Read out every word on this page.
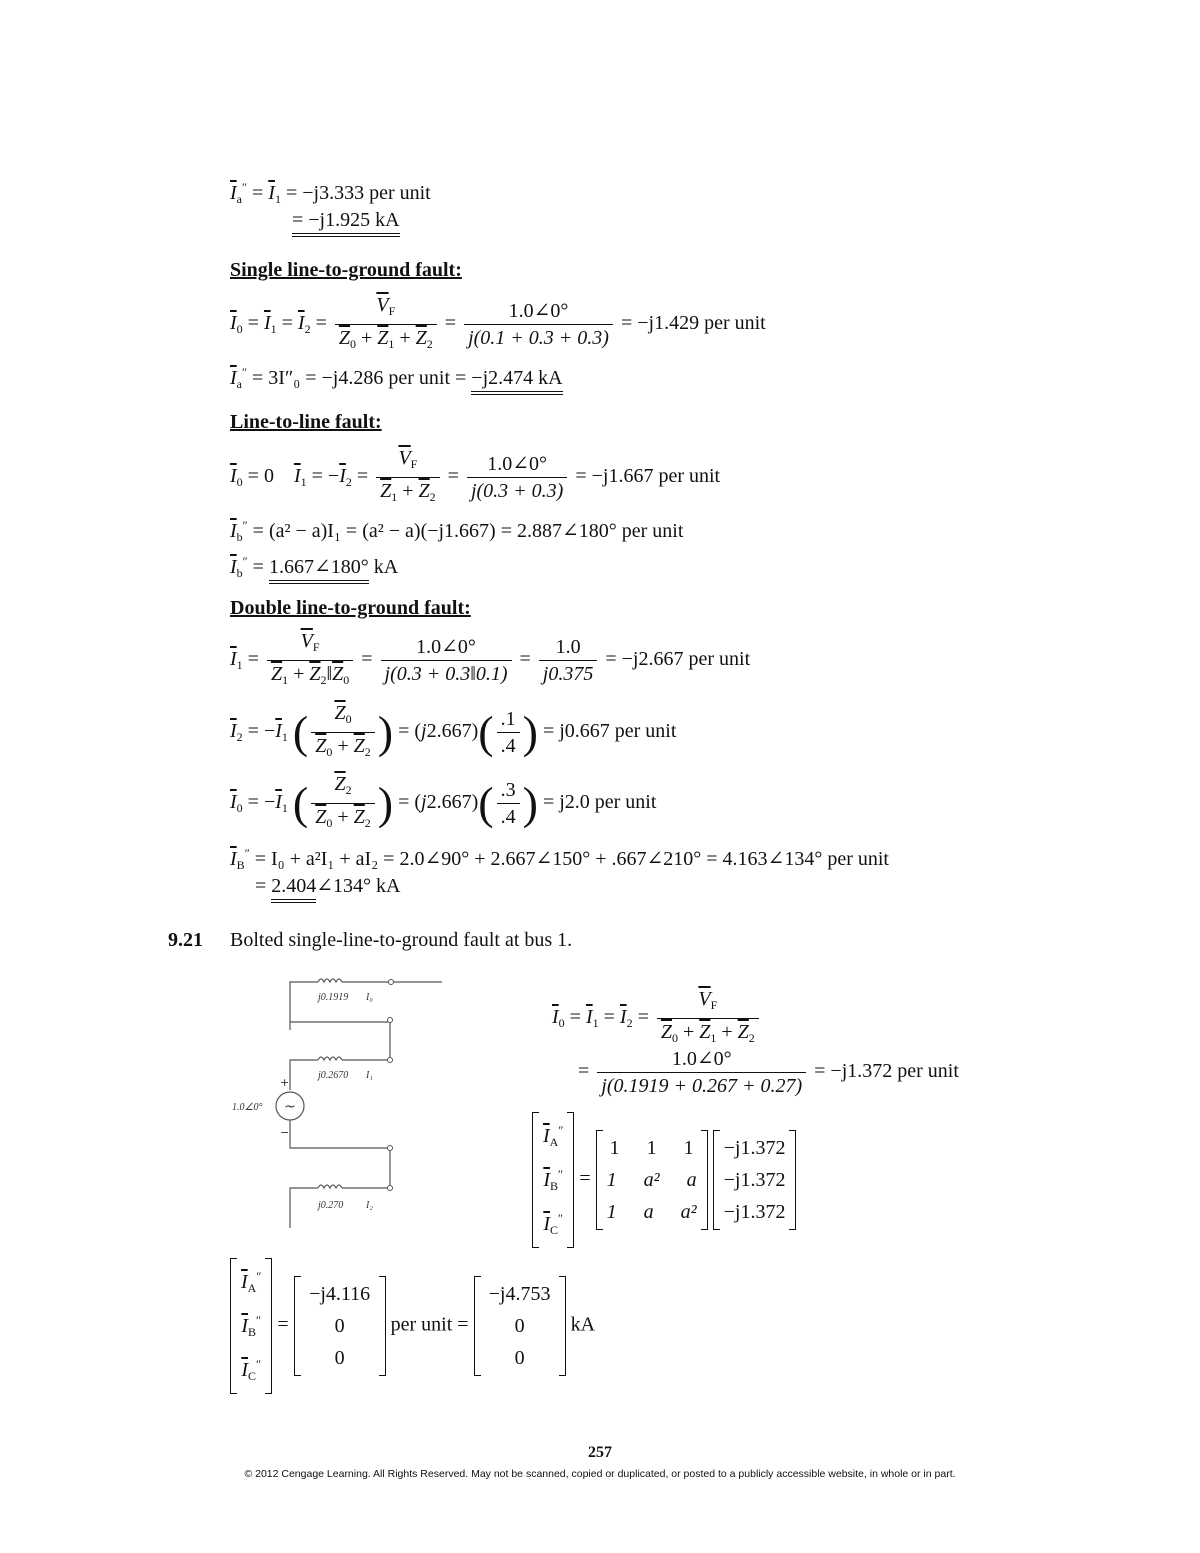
$\overline{I}_a'' = \overline{I}_1 = -j3.333$ per unit
= −j1.925 kA
Single line-to-ground fault:
$\overline{I}_0 = \overline{I}_1 = \overline{I}_2 = \frac{\overline{V}_F}{\overline{Z}_0 + \overline{Z}_1 + \overline{Z}_2} = \frac{1.0\angle 0^\circ}{j(0.1 + 0.3 + 0.3)} = -j1.429$ per unit
$\overline{I}_a'' = 3I''_0 = -j4.286$ per unit = −j2.474 kA
Line-to-line fault:
$\overline{I}_0 = 0$    $\overline{I}_1 = -\overline{I}_2 = \frac{\overline{V}_F}{\overline{Z}_1 + \overline{Z}_2} = \frac{1.0\angle 0^\circ}{j(0.3 + 0.3)} = -j1.667$ per unit
$\overline{I}_b'' = (a^2 - a)I_1 = (a^2 - a)(-j1.667)$ = 2.887∠180° per unit
$\overline{I}_b''$ = 1.667∠180° kA
Double line-to-ground fault:
$\overline{I}_1 = \frac{\overline{V}_F}{\overline{Z}_1 + \overline{Z}_2‖\overline{Z}_0} = \frac{1.0\angle 0^\circ}{j(0.3 + 0.3‖0.1)} = \frac{1.0}{j0.375} = -j2.667$ per unit
$\overline{I}_2 = -\overline{I}_1$ ( $\frac{\overline{Z}_0}{\overline{Z}_0 + \overline{Z}_2}$ ) = $(j2.667)( \frac{.1}{.4}$ ) = j0.667 per unit
$\overline{I}_0 = -\overline{I}_1$ ( $\frac{\overline{Z}_2}{\overline{Z}_0 + \overline{Z}_2}$ ) = $(j2.667)( \frac{.3}{.4}$ ) = j2.0 per unit
$\overline{I}_B'' = I_0 + a^2I_1 + aI_2$ = 2.0∠90° + 2.667∠150° + .667∠210° = 4.163∠134° per unit
= 2.404∠134° kA
9.21 Bolted single-line-to-ground fault at bus 1.
j0.1919 I₀
j0.2670 I₁
~
+
−
1.0∠0°
j0.270 I₂
$\overline{I}_0 = \overline{I}_1 = \overline{I}_2 = \frac{\overline{V}_F}{\overline{Z}_0 + \overline{Z}_1 + \overline{Z}_2}$
= $\frac{1.0\angle 0^\circ}{j(0.1919 + 0.267 + 0.27)} = -j1.372$ per unit
$\overline{I}_A''$
$\overline{I}_B''$
$\overline{I}_C''$
=
1 1 1
1 a² a
1 a a²

−j1.372
−j1.372
−j1.372
$\overline{I}_A''$
$\overline{I}_B''$
$\overline{I}_C''$
=
−j4.116
0
0
per unit =
−j4.753
0
0
kA
257
© 2012 Cengage Learning. All Rights Reserved. May not be scanned, copied or duplicated, or posted to a publicly accessible website, in whole or in part.
